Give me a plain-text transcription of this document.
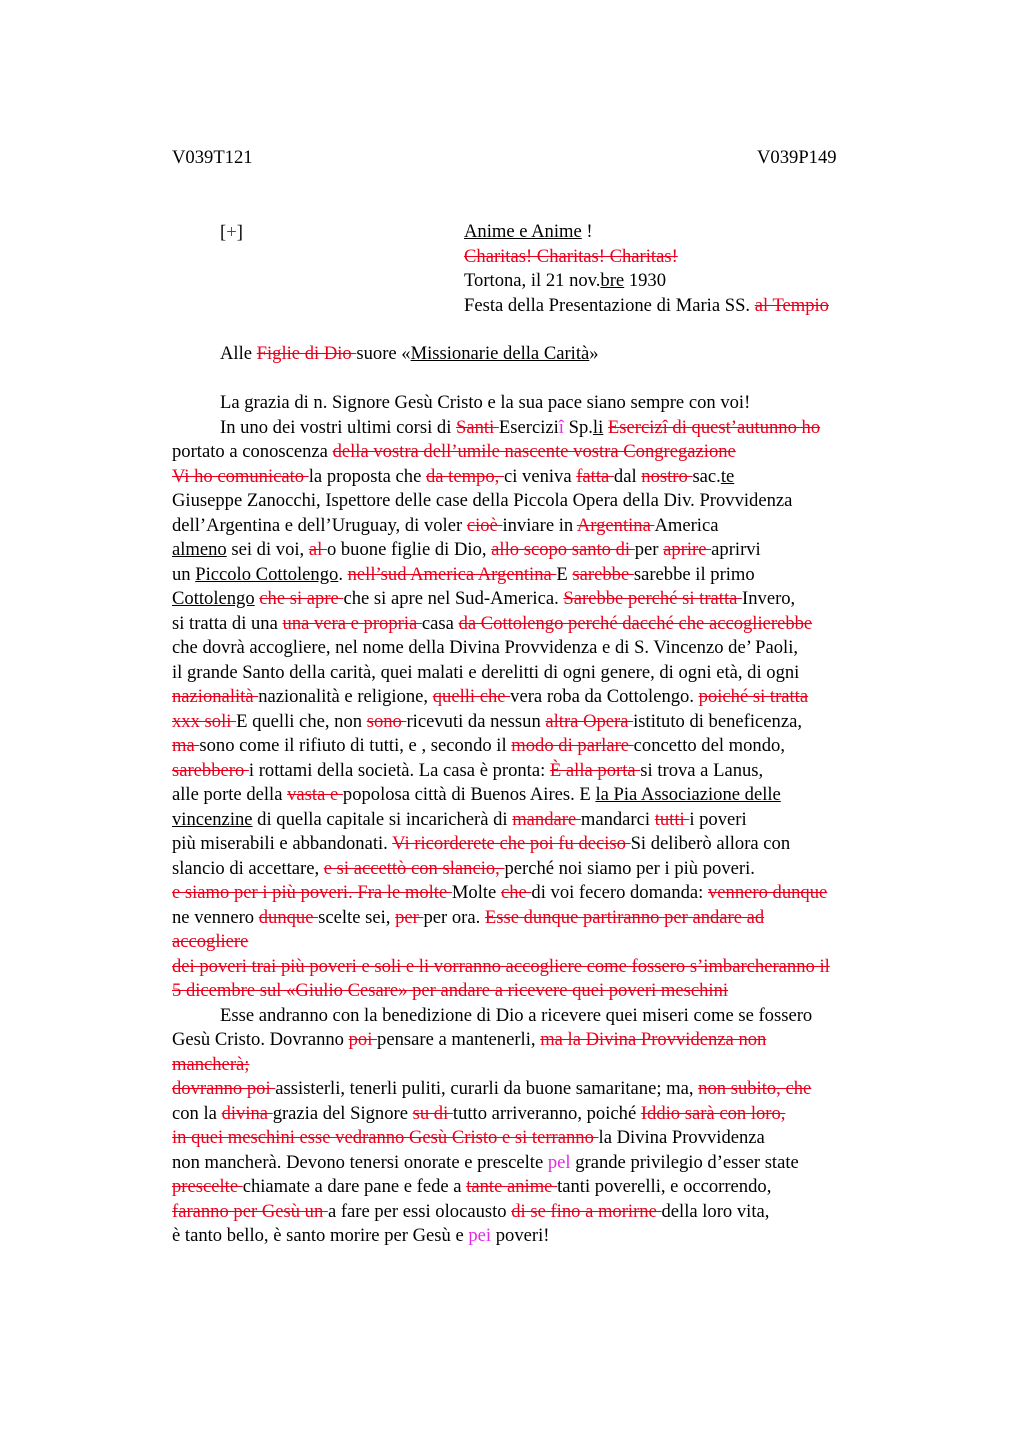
V039T121	V039P149
[+]	Anime e Anime !
Charitas! Charitas! Charitas!
Tortona, il 21 nov.bre 1930
Festa della Presentazione di Maria SS. al Tempio
Alle Figlie di Dio suore «Missionarie della Carità»
La grazia di n. Signore Gesù Cristo e la sua pace siano sempre con voi!
In uno dei vostri ultimi corsi di Santi Eserciziî Sp.li Esercizî di quest’autunno ho
portato a conoscenza della vostra dell’umile nascente vostra Congregazione
Vi ho comunicato la proposta che da tempo, ci veniva fatta dal nostro sac.te
Giuseppe Zanocchi, Ispettore delle case della Piccola Opera della Div. Provvidenza
dell’Argentina e dell’Uruguay, di voler cioè inviare in Argentina America
almeno sei di voi, al o buone figlie di Dio, allo scopo santo di per aprire aprirvi
un Piccolo Cottolengo. nell’sud America Argentina E sarebbe sarebbe il primo
Cottolengo che si apre che si apre nel Sud-America. Sarebbe perché si tratta Invero,
si tratta di una una vera e propria casa da Cottolengo perché dacché che accoglierebbe
che dovrà accogliere, nel nome della Divina Provvidenza e di S. Vincenzo de’ Paoli,
il grande Santo della carità, quei malati e derelitti di ogni genere, di ogni età, di ogni
nazionalità nazionalità e religione, quelli che vera roba da Cottolengo. poiché si tratta
xxx soli E quelli che, non sono ricevuti da nessun altra Opera istituto di beneficenza,
ma sono come il rifiuto di tutti, e , secondo il modo di parlare concetto del mondo,
sarebbero i rottami della società. La casa è pronta: È alla porta si trova a Lanus,
alle porte della vasta e popolosa città di Buenos Aires. E la Pia Associazione delle
vincenzine di quella capitale si incaricherà di mandare mandarci tutti i poveri
più miserabili e abbandonati. Vi ricorderete che poi fu deciso Si deliberò allora con
slancio di accettare, e si accettò con slancio, perché noi siamo per i più poveri.
e siamo per i più poveri. Fra le molte Molte che di voi fecero domanda: vennero dunque
ne vennero dunque scelte sei, per per ora. Esse dunque partiranno per andare ad
accogliere
dei poveri trai più poveri e soli e li vorranno accogliere come fossero s’imbarcheranno il
5 dicembre sul «Giulio Cesare» per andare a ricevere quei poveri meschini
Esse andranno con la benedizione di Dio a ricevere quei miseri come se fossero
Gesù Cristo. Dovranno poi pensare a mantenerli, ma la Divina Provvidenza non
mancherà;
dovranno poi assisterli, tenerli puliti, curarli da buone samaritane; ma, non subito, che
con la divina grazia del Signore su di tutto arriveranno, poiché Iddio sarà con loro,
in quei meschini esse vedranno Gesù Cristo e si terranno la Divina Provvidenza
non mancherà. Devono tenersi onorate e prescelte pel grande privilegio d’esser state
prescelte chiamate a dare pane e fede a tante anime tanti poverelli, e occorrendo,
faranno per Gesù un a fare per essi olocausto di se fino a morirne della loro vita,
è tanto bello, è santo morire per Gesù e pei poveri!
